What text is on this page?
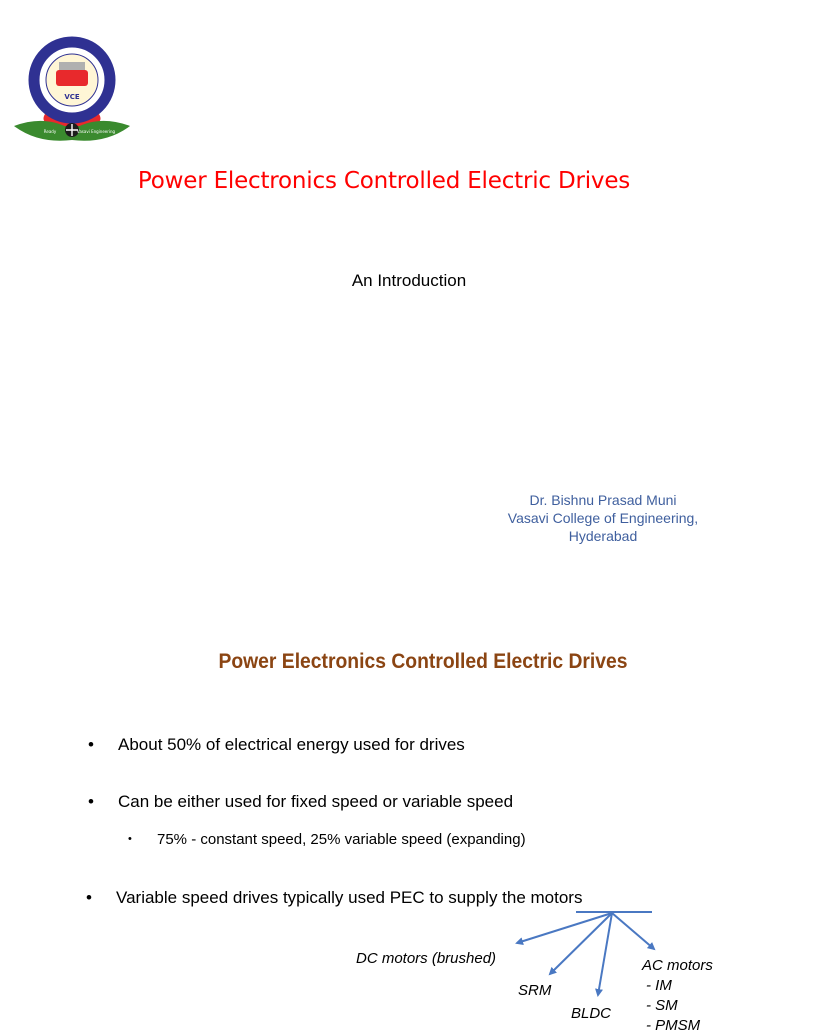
VCE
Ready	Vasavi Engineering
Power Electronics Controlled Electric Drives
An Introduction
Dr. Bishnu Prasad Muni
Vasavi College of Engineering,
Hyderabad
Power Electronics Controlled Electric Drives
• About 50% of electrical energy used for drives
• Can be either used for fixed speed or variable speed
• 75% - constant speed, 25% variable speed (expanding)
• Variable speed drives typically used PEC to supply the motors
DC motors (brushed)
SRM
BLDC
AC motors
- IM
- SM
- PMSM
